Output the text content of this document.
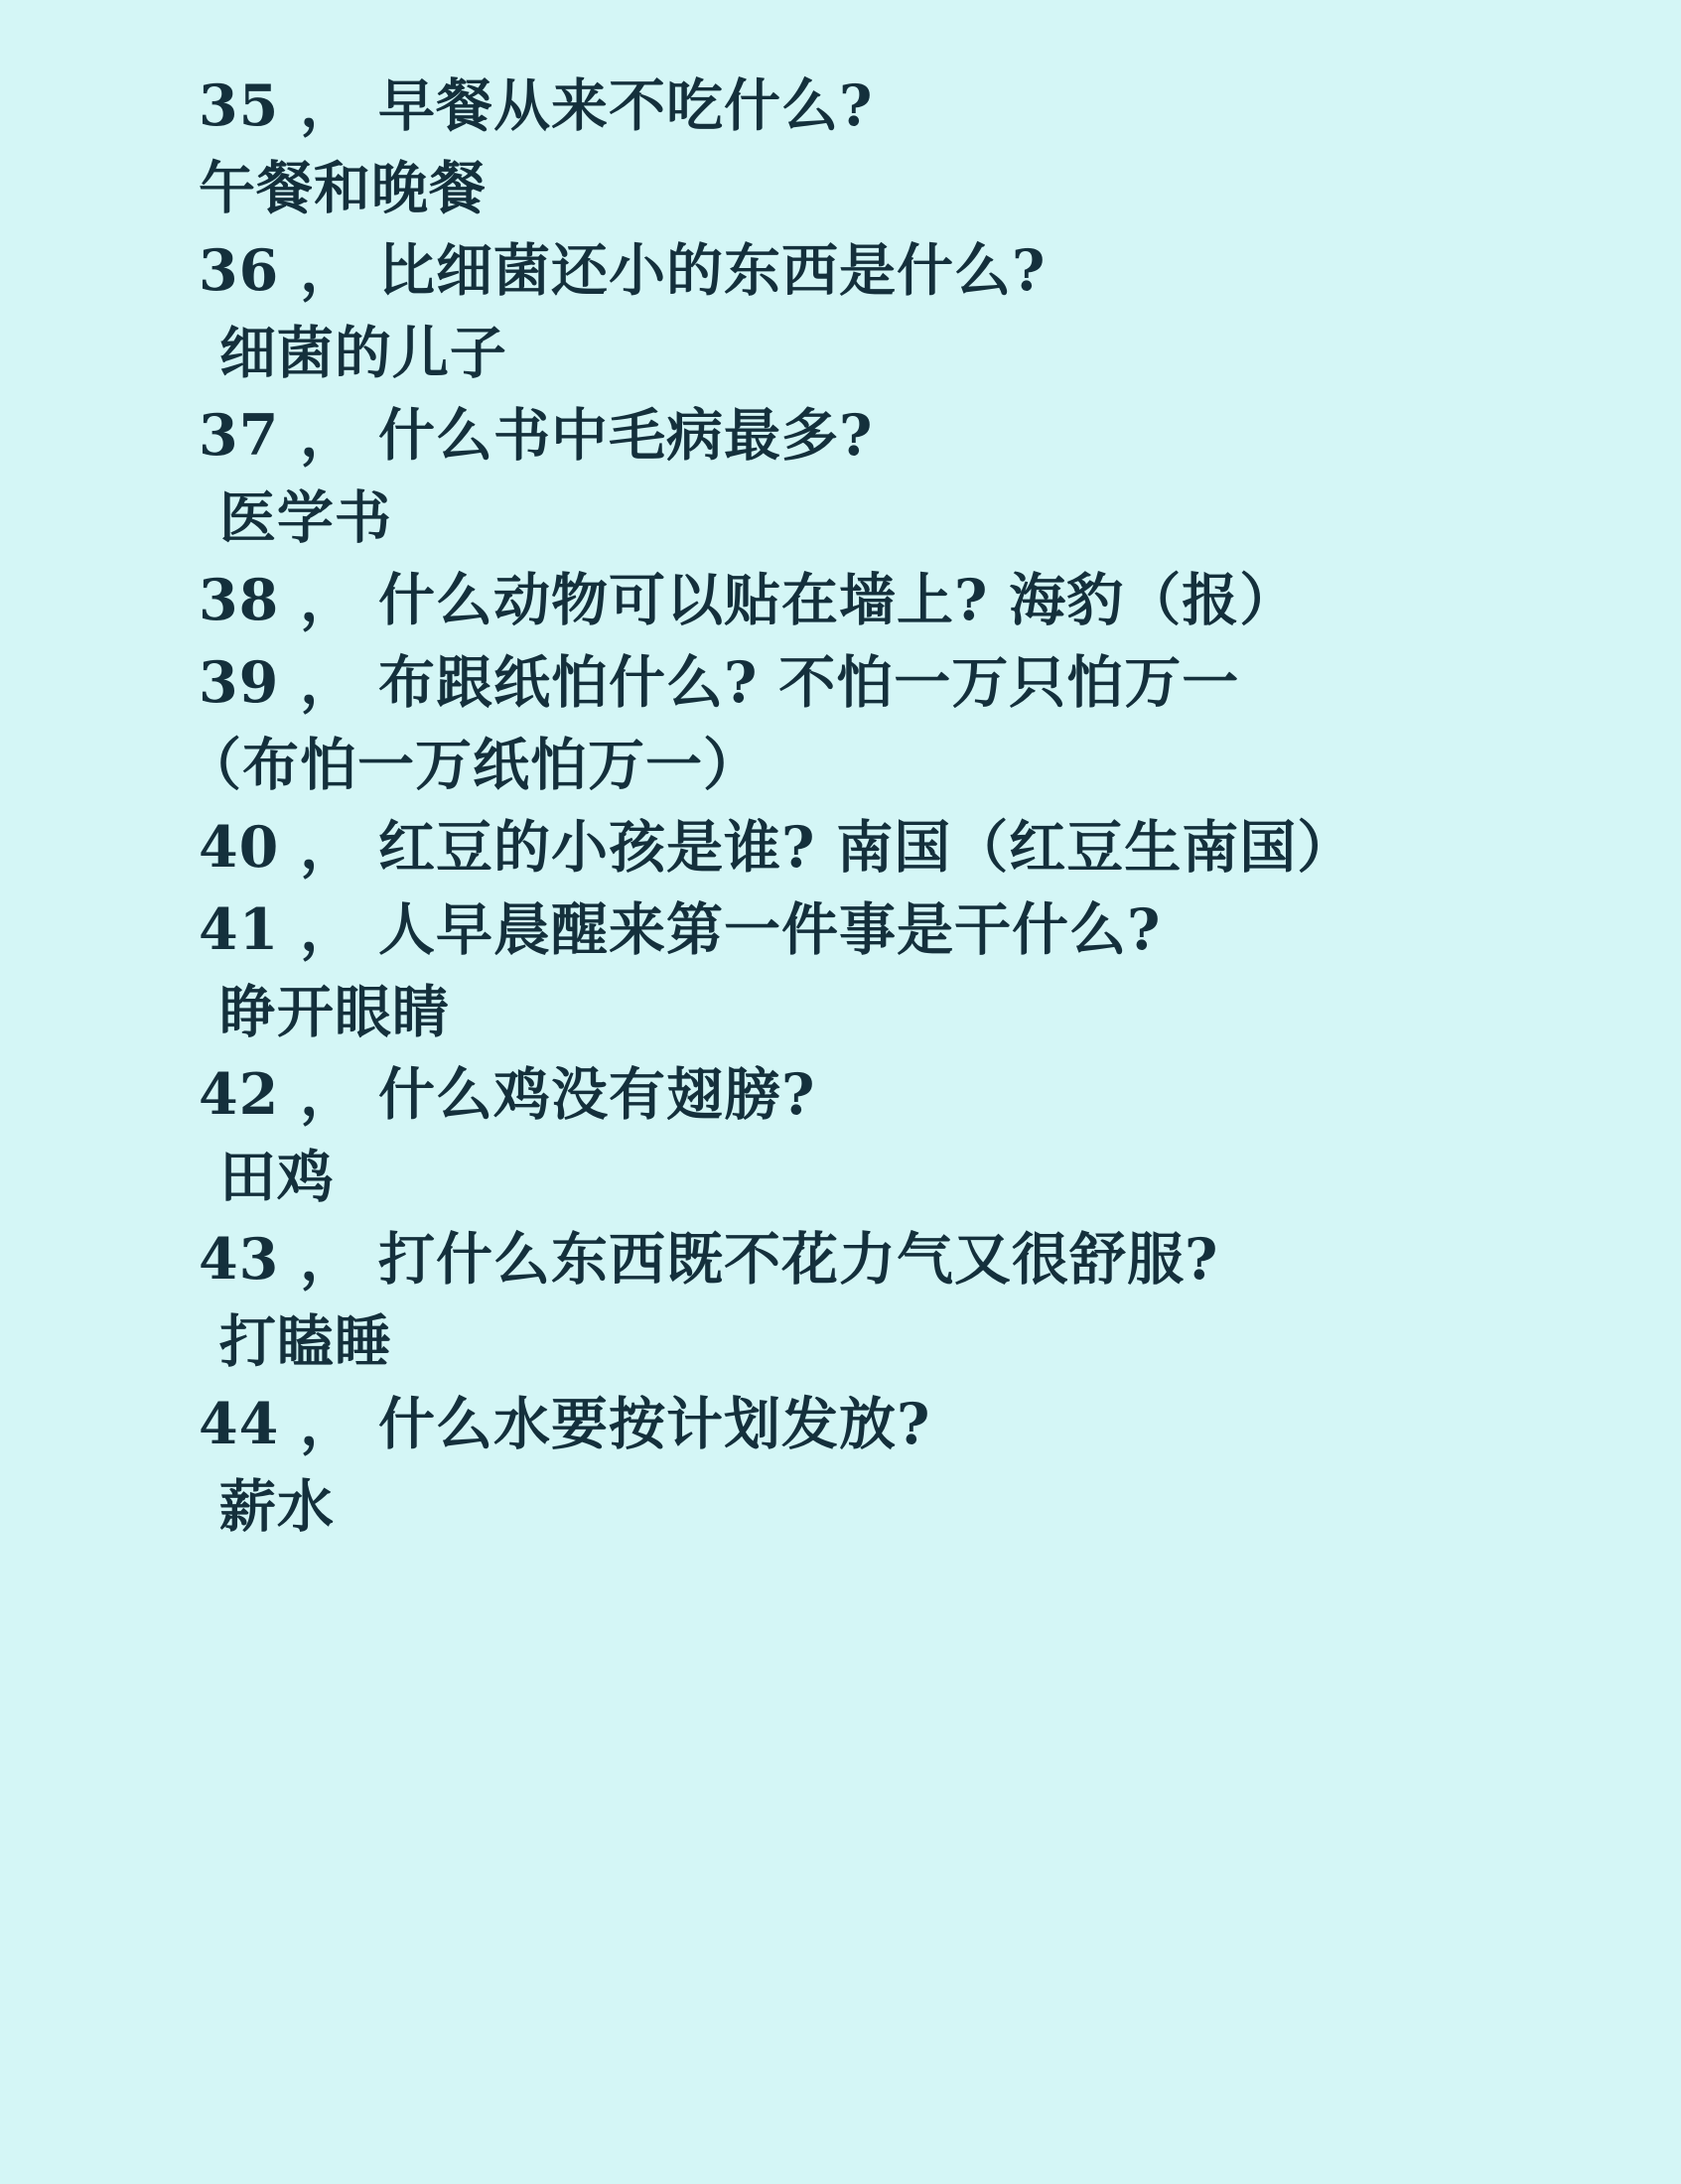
35 ， 早餐从来不吃什么?
午餐和晚餐
36 ， 比细菌还小的东西是什么?
细菌的儿子
37 ， 什么书中毛病最多?
医学书
38 ， 什么动物可以贴在墙上? 海豹（报）
39 ， 布跟纸怕什么? 不怕一万只怕万一
（布怕一万纸怕万一）
40 ， 红豆的小孩是谁? 南国（红豆生南国）
41 ， 人早晨醒来第一件事是干什么?
睁开眼睛
42 ， 什么鸡没有翅膀?
田鸡
43 ， 打什么东西既不花力气又很舒服?
打瞌睡
44 ， 什么水要按计划发放?
薪水
